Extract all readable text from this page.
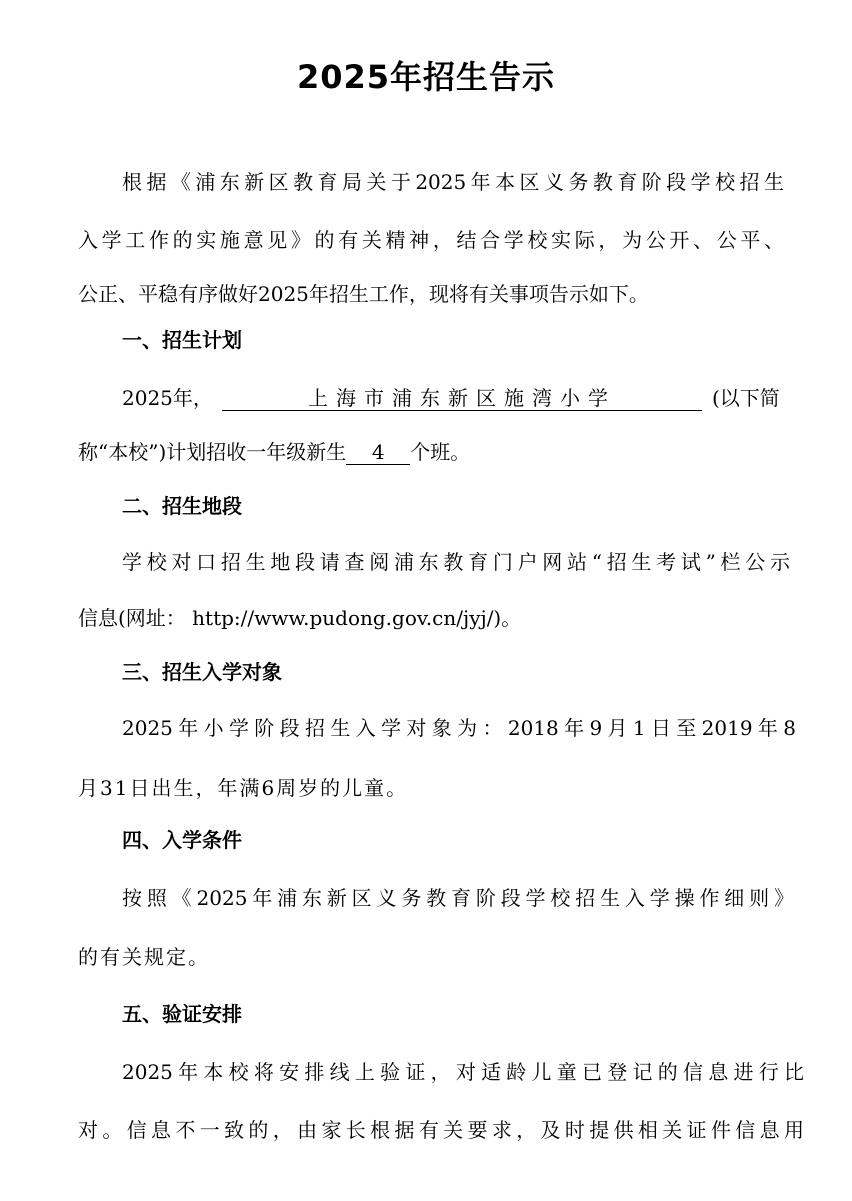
2025年招生告示
根据《浦东新区教育局关于2025年本区义务教育阶段学校招生
入学工作的实施意见》的有关精神，结合学校实际，为公开、公平、
公正、平稳有序做好2025年招生工作，现将有关事项告示如下。
一、招生计划
2025年，	上海市浦东新区施湾小学	(以下简
称“本校”)计划招收一年级新生 4 个班。
二、招生地段
学校对口招生地段请查阅浦东教育门户网站“招生考试”栏公示
信息(网址： http://www.pudong.gov.cn/jyj/)。
三、招生入学对象
2025年小学阶段招生入学对象为：2018年9月1日至2019年8
月31日出生，年满6周岁的儿童。
四、入学条件
按照《2025年浦东新区义务教育阶段学校招生入学操作细则》
的有关规定。
五、验证安排
2025年本校将安排线上验证，对适龄儿童已登记的信息进行比
对。信息不一致的，由家长根据有关要求，及时提供相关证件信息用
